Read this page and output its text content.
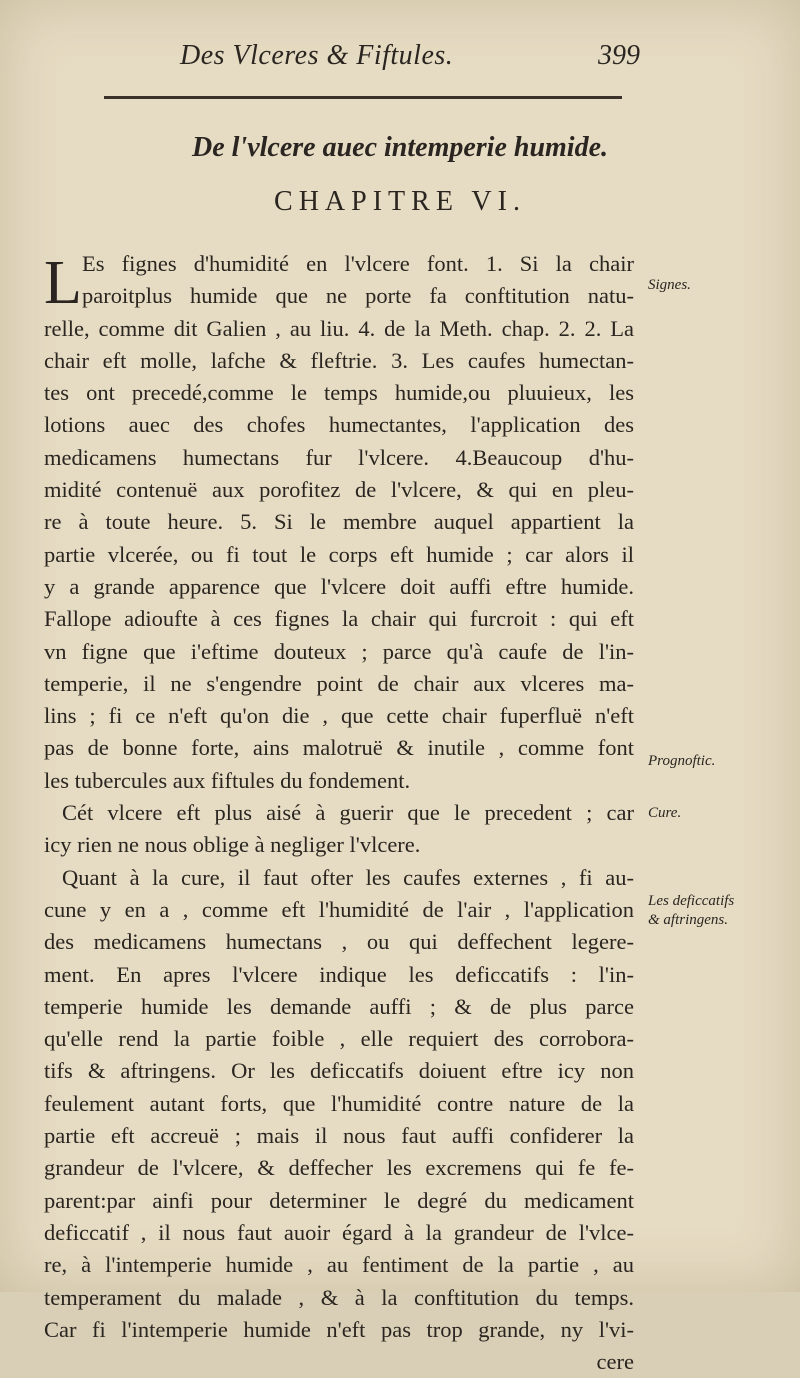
Des Vlceres & Fiftules.	399
De l'vlcere auec intemperie humide.
CHAPITRE VI.
L Es fignes d'humidité en l'vlcere font. 1. Si la chair
paroitplus humide que ne porte fa conftitution natu-
relle, comme dit Galien , au liu. 4. de la Meth. chap. 2. 2. La
chair eft molle, lafche & fleftrie. 3. Les caufes humectan-
tes ont precedé,comme le temps humide,ou pluuieux, les
lotions auec des chofes humectantes, l'application des
medicamens humectans fur l'vlcere. 4.Beaucoup d'hu-
midité contenuë aux porofitez de l'vlcere, & qui en pleu-
re à toute heure. 5. Si le membre auquel appartient la
partie vlcerée, ou fi tout le corps eft humide ; car alors il
y a grande apparence que l'vlcere doit auffi eftre humide.
Fallope adioufte à ces fignes la chair qui furcroit : qui eft
vn figne que i'eftime douteux ; parce qu'à caufe de l'in-
temperie, il ne s'engendre point de chair aux vlceres ma-
lins ; fi ce n'eft qu'on die , que cette chair fuperfluë n'eft
pas de bonne forte, ains malotruë & inutile , comme font
les tubercules aux fiftules du fondement.
Cét vlcere eft plus aisé à guerir que le precedent ; car
icy rien ne nous oblige à negliger l'vlcere.
Quant à la cure, il faut ofter les caufes externes , fi au-
cune y en a , comme eft l'humidité de l'air , l'application
des medicamens humectans , ou qui deffechent legere-
ment. En apres l'vlcere indique les deficcatifs : l'in-
temperie humide les demande auffi ; & de plus parce
qu'elle rend la partie foible , elle requiert des corrobora-
tifs & aftringens. Or les deficcatifs doiuent eftre icy non
feulement autant forts, que l'humidité contre nature de la
partie eft accreuë ; mais il nous faut auffi confiderer la
grandeur de l'vlcere, & deffecher les excremens qui fe fe-
parent:par ainfi pour determiner le degré du medicament
deficcatif , il nous faut auoir égard à la grandeur de l'vlce-
re, à l'intemperie humide , au fentiment de la partie , au
temperament du malade , & à la conftitution du temps.
Car fi l'intemperie humide n'eft pas trop grande, ny l'vi-
cere
Signes.
Prognoftic.
Cure.
Les deficcatifs & aftringens.
